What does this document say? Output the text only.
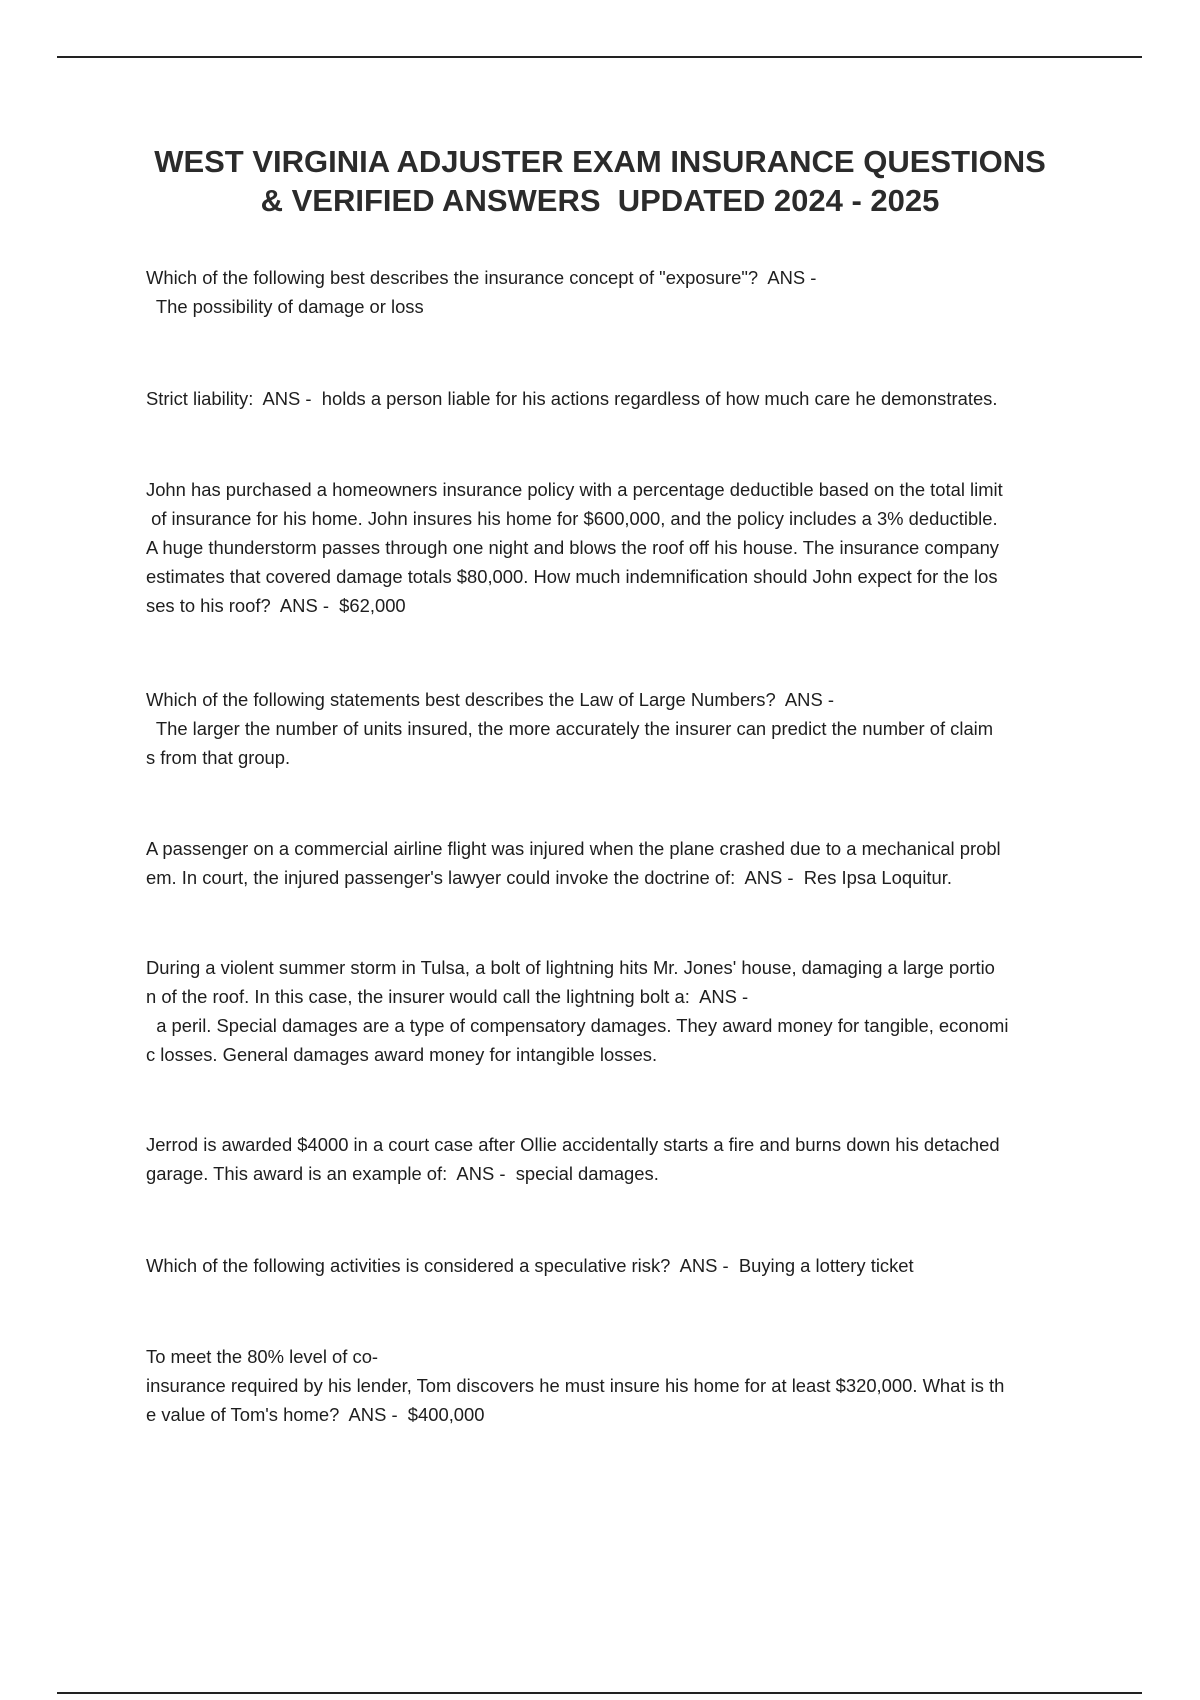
WEST VIRGINIA ADJUSTER EXAM INSURANCE QUESTIONS
& VERIFIED ANSWERS  UPDATED 2024 - 2025
Which of the following best describes the insurance concept of "exposure"?  ANS -
The possibility of damage or loss
Strict liability:  ANS -  holds a person liable for his actions regardless of how much care he demonstrates.
John has purchased a homeowners insurance policy with a percentage deductible based on the total limit
of insurance for his home. John insures his home for $600,000, and the policy includes a 3% deductible.
A huge thunderstorm passes through one night and blows the roof off his house. The insurance company
estimates that covered damage totals $80,000. How much indemnification should John expect for the los
ses to his roof?  ANS -  $62,000
Which of the following statements best describes the Law of Large Numbers?  ANS -
The larger the number of units insured, the more accurately the insurer can predict the number of claim
s from that group.
A passenger on a commercial airline flight was injured when the plane crashed due to a mechanical probl
em. In court, the injured passenger's lawyer could invoke the doctrine of:  ANS -  Res Ipsa Loquitur.
During a violent summer storm in Tulsa, a bolt of lightning hits Mr. Jones' house, damaging a large portio
n of the roof. In this case, the insurer would call the lightning bolt a:  ANS -
a peril. Special damages are a type of compensatory damages. They award money for tangible, economi
c losses. General damages award money for intangible losses.
Jerrod is awarded $4000 in a court case after Ollie accidentally starts a fire and burns down his detached
garage. This award is an example of:  ANS -  special damages.
Which of the following activities is considered a speculative risk?  ANS -  Buying a lottery ticket
To meet the 80% level of co-
insurance required by his lender, Tom discovers he must insure his home for at least $320,000. What is th
e value of Tom's home?  ANS -  $400,000
